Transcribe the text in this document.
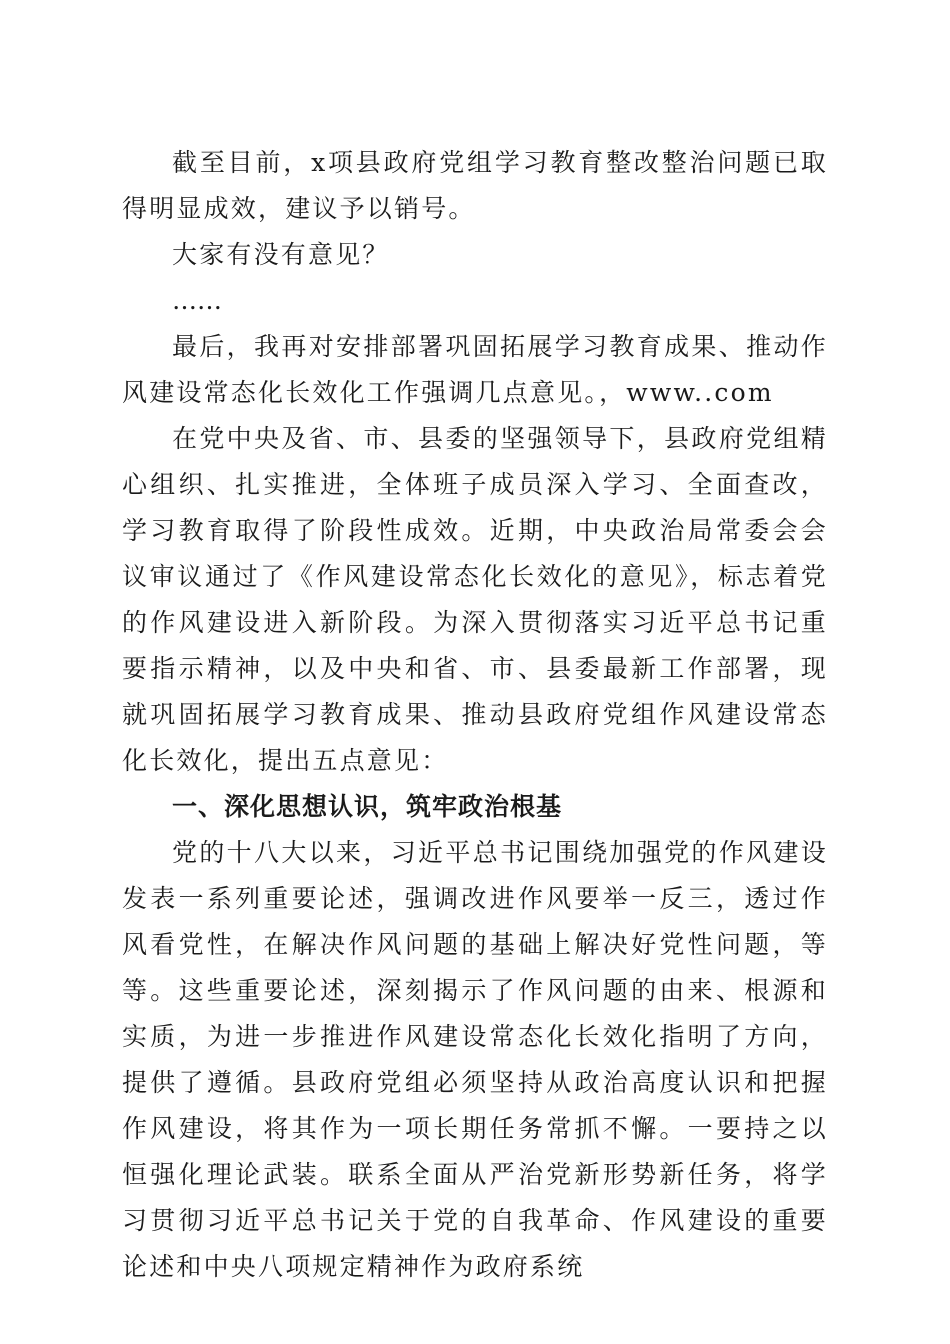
截至目前，x项县政府党组学习教育整改整治问题已取得明显成效，建议予以销号。

大家有没有意见？

……

最后，我再对安排部署巩固拓展学习教育成果、推动作风建设常态化长效化工作强调几点意见。，www..com

在党中央及省、市、县委的坚强领导下，县政府党组精心组织、扎实推进，全体班子成员深入学习、全面查改，学习教育取得了阶段性成效。近期，中央政治局常委会会议审议通过了《作风建设常态化长效化的意见》，标志着党的作风建设进入新阶段。为深入贯彻落实习近平总书记重要指示精神，以及中央和省、市、县委最新工作部署，现就巩固拓展学习教育成果、推动县政府党组作风建设常态化长效化，提出五点意见：

一、深化思想认识，筑牢政治根基

党的十八大以来，习近平总书记围绕加强党的作风建设发表一系列重要论述，强调改进作风要举一反三，透过作风看党性，在解决作风问题的基础上解决好党性问题，等等。这些重要论述，深刻揭示了作风问题的由来、根源和实质，为进一步推进作风建设常态化长效化指明了方向，提供了遵循。县政府党组必须坚持从政治高度认识和把握作风建设，将其作为一项长期任务常抓不懈。一要持之以恒强化理论武装。联系全面从严治党新形势新任务，将学习贯彻习近平总书记关于党的自我革命、作风建设的重要论述和中央八项规定精神作为政府系统
